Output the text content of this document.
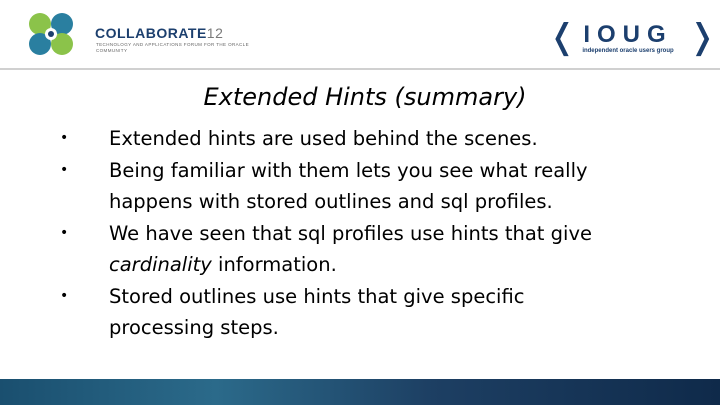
COLLABORATE12
TECHNOLOGY AND APPLICATIONS FORUM FOR THE ORACLE COMMUNITY	❬ IOUG ❭
independent oracle users group
Extended Hints (summary)
• Extended hints are used behind the scenes.
• Being familiar with them lets you see what really happens with stored outlines and sql profiles.
• We have seen that sql profiles use hints that give cardinality information.
• Stored outlines use hints that give specific processing steps.
